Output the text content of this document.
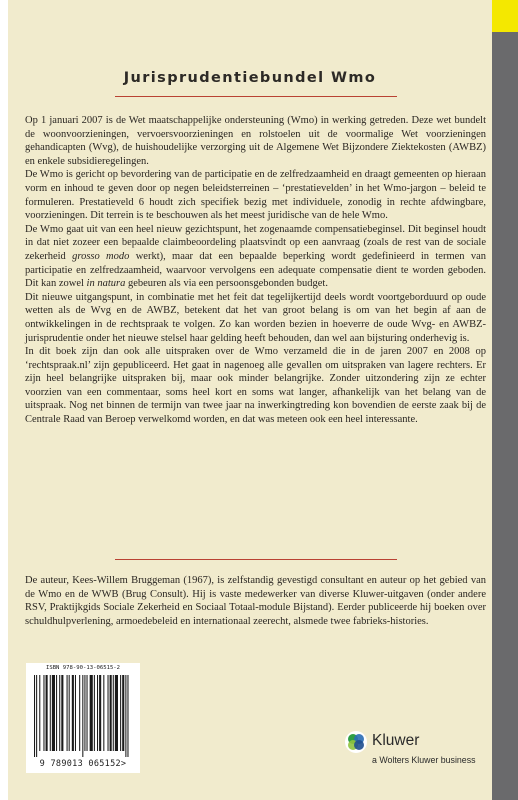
Jurisprudentiebundel Wmo

Op 1 januari 2007 is de Wet maatschappelijke ondersteuning (Wmo) in werking getreden. Deze wet bundelt de woonvoorzieningen, vervoersvoorzieningen en rolstoelen uit de voormalige Wet voorzieningen gehandicapten (Wvg), de huishoudelijke verzorging uit de Algemene Wet Bijzondere Ziektekosten (AWBZ) en enkele subsidieregelingen.

De Wmo is gericht op bevordering van de participatie en de zelfredzaamheid en draagt gemeenten op hieraan vorm en inhoud te geven door op negen beleidsterreinen – ‘prestatievelden’ in het Wmo-jargon – beleid te formuleren. Prestatieveld 6 houdt zich specifiek bezig met individuele, zonodig in rechte afdwingbare, voorzieningen. Dit terrein is te beschouwen als het meest juridische van de hele Wmo.

De Wmo gaat uit van een heel nieuw gezichtspunt, het zogenaamde compensatiebeginsel. Dit beginsel houdt in dat niet zozeer een bepaalde claimbeoordeling plaatsvindt op een aanvraag (zoals de rest van de sociale zekerheid grosso modo werkt), maar dat een bepaalde beperking wordt gedefinieerd in termen van participatie en zelfredzaamheid, waarvoor vervolgens een adequate compensatie dient te worden geboden. Dit kan zowel in natura gebeuren als via een persoonsgebonden budget.

Dit nieuwe uitgangspunt, in combinatie met het feit dat tegelijkertijd deels wordt voortgeborduurd op oude wetten als de Wvg en de AWBZ, betekent dat het van groot belang is om van het begin af aan de ontwikkelingen in de rechtspraak te volgen. Zo kan worden bezien in hoeverre de oude Wvg- en AWBZ-jurisprudentie onder het nieuwe stelsel haar gelding heeft behouden, dan wel aan bijsturing onderhevig is.

In dit boek zijn dan ook alle uitspraken over de Wmo verzameld die in de jaren 2007 en 2008 op ‘rechtspraak.nl’ zijn gepubliceerd. Het gaat in nagenoeg alle gevallen om uitspraken van lagere rechters. Er zijn heel belangrijke uitspraken bij, maar ook minder belangrijke. Zonder uitzondering zijn ze echter voorzien van een commentaar, soms heel kort en soms wat langer, afhankelijk van het belang van de uitspraak. Nog net binnen de termijn van twee jaar na inwerkingtreding kon bovendien de eerste zaak bij de Centrale Raad van Beroep verwelkomd worden, en dat was meteen ook een heel interessante.

De auteur, Kees-Willem Bruggeman (1967), is zelfstandig gevestigd consultant en auteur op het gebied van de Wmo en de WWB (Brug Consult). Hij is vaste medewerker van diverse Kluwer-uitgaven (onder andere RSV, Praktijkgids Sociale Zekerheid en Sociaal Totaal-module Bijstand). Eerder publiceerde hij boeken over schuldhulpverlening, armoedebeleid en internationaal zeerecht, alsmede twee fabrieks-histories.

ISBN 978-90-13-06515-2
9 789013 065152>
Kluwer
a Wolters Kluwer business
